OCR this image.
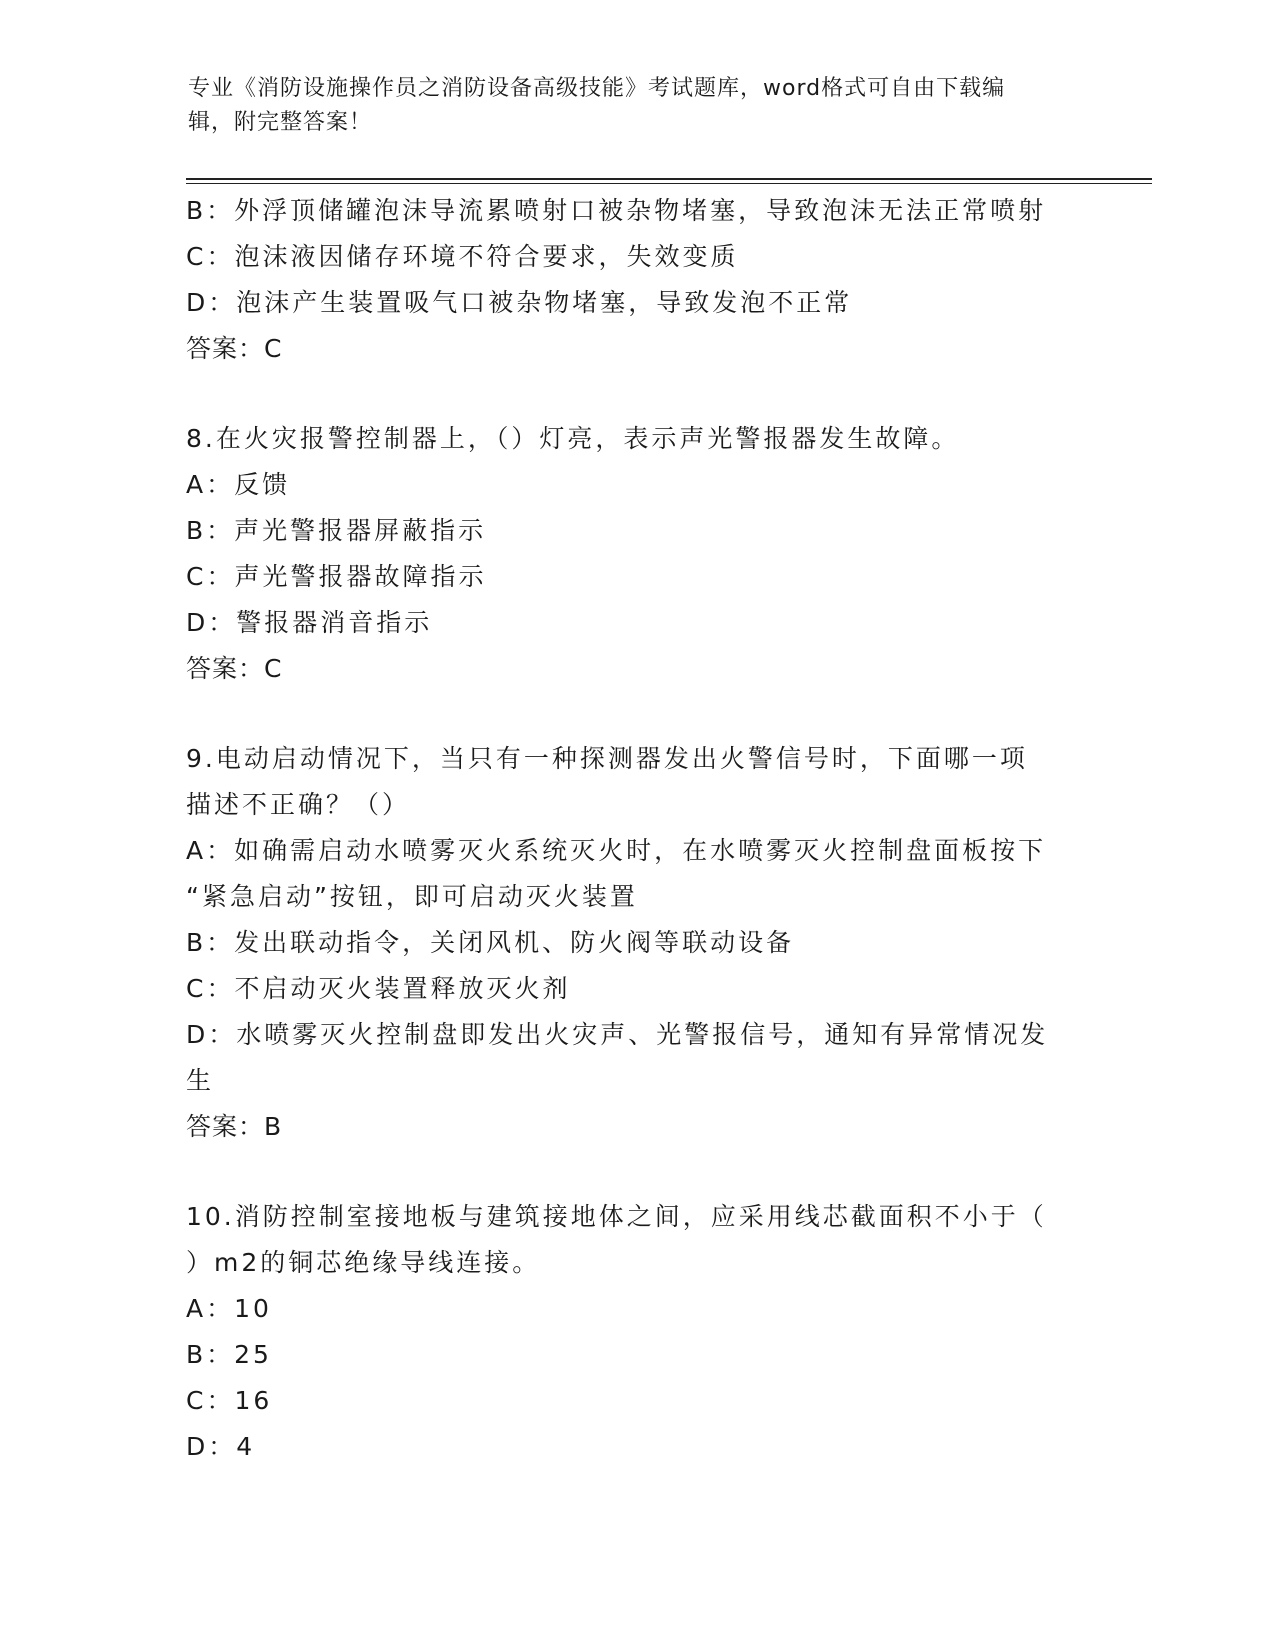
专业《消防设施操作员之消防设备高级技能》考试题库，word格式可自由下载编
辑，附完整答案！
B：外浮顶储罐泡沫导流累喷射口被杂物堵塞，导致泡沫无法正常喷射
C：泡沫液因储存环境不符合要求，失效变质
D：泡沫产生装置吸气口被杂物堵塞，导致发泡不正常
答案：C
8.在火灾报警控制器上，（）灯亮，表示声光警报器发生故障。
A：反馈
B：声光警报器屏蔽指示
C：声光警报器故障指示
D：警报器消音指示
答案：C
9.电动启动情况下，当只有一种探测器发出火警信号时，下面哪一项
描述不正确？（）
A：如确需启动水喷雾灭火系统灭火时，在水喷雾灭火控制盘面板按下
“紧急启动”按钮，即可启动灭火装置
B：发出联动指令，关闭风机、防火阀等联动设备
C：不启动灭火装置释放灭火剂
D：水喷雾灭火控制盘即发出火灾声、光警报信号，通知有异常情况发
生
答案：B
10.消防控制室接地板与建筑接地体之间，应采用线芯截面积不小于（
）m2的铜芯绝缘导线连接。
A：10
B：25
C：16
D：4
